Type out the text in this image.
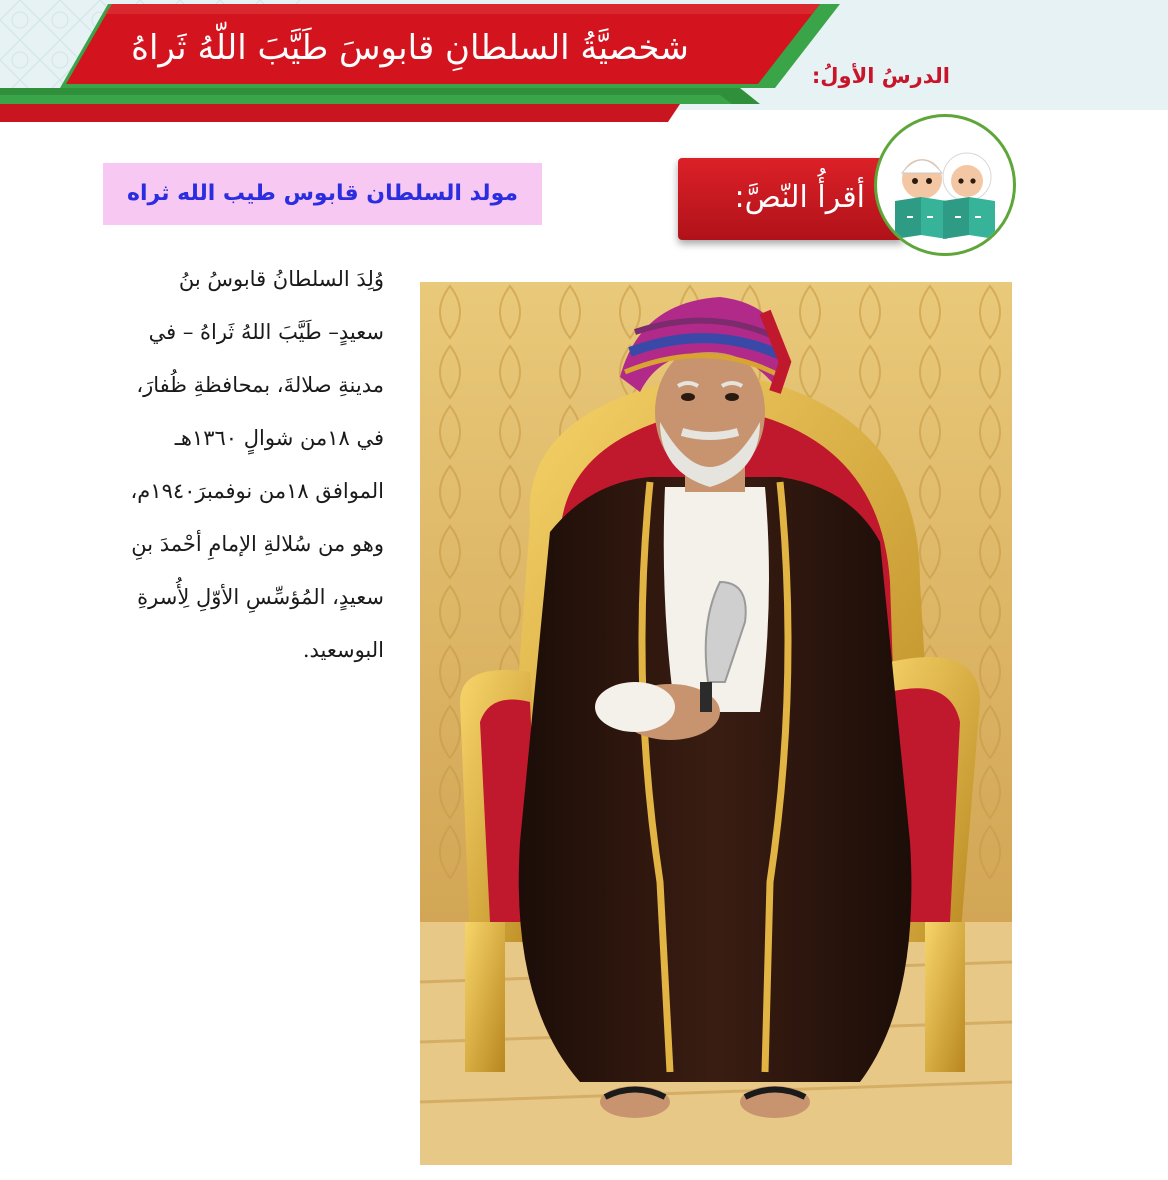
شخصيَّةُ السلطانِ قابوسَ طَيَّبَ اللّهُ ثَراهُ
الدرسُ الأولُ:
أقرأُ النّصَّ:
مولد السلطان قابوس طيب الله ثراه
وُلِدَ السلطانُ قابوسُ بنُ
سعيدٍ– طَيَّبَ اللهُ ثَراهُ – في
مدينةِ صلالةَ، بمحافظةِ ظُفارَ،
في ١٨من شوالٍ ١٣٦٠هـ
الموافق ١٨من نوفمبرَ١٩٤٠م،
وهو من سُلالةِ الإمامِ أحْمدَ بنِ
سعيدٍ، المُؤسِّسِ الأوّلِ لِأُسرةِ
البوسعيد.
